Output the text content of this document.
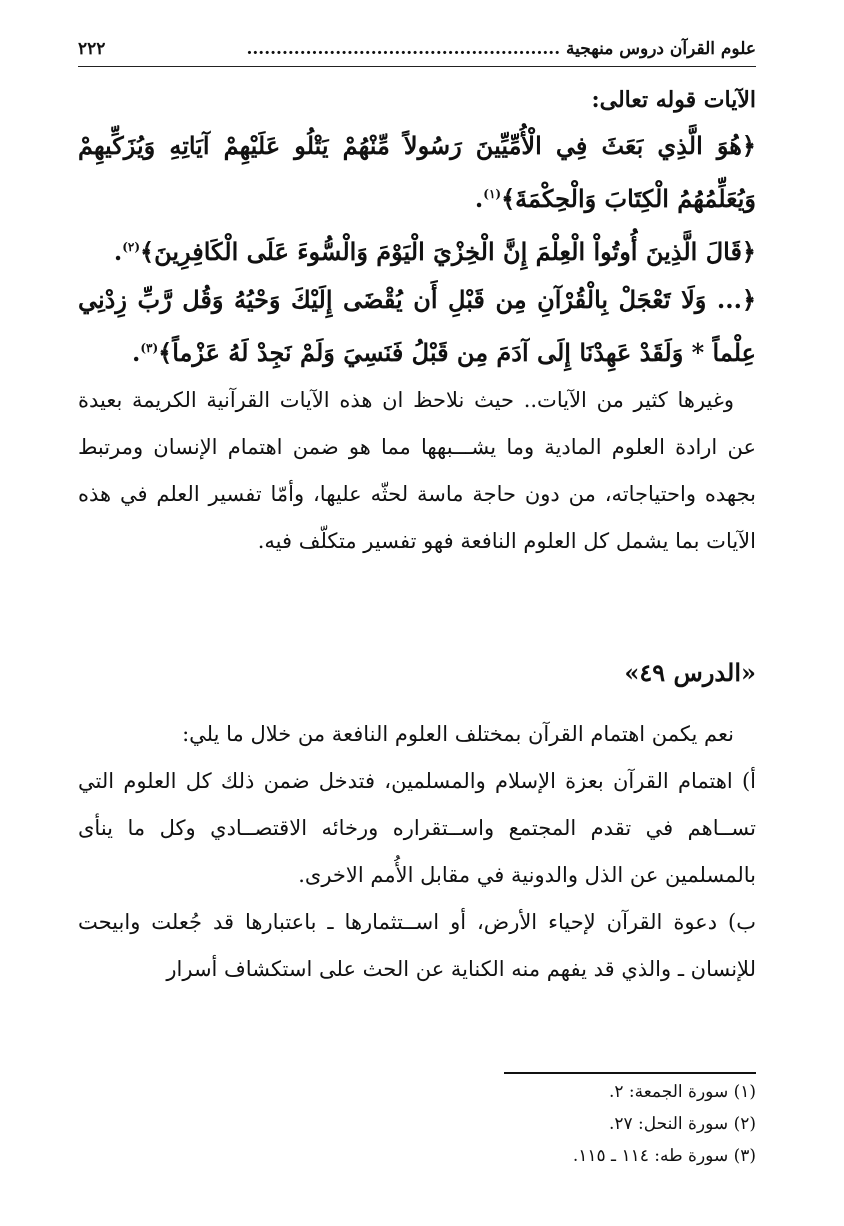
علوم القرآن دروس منهجية .....................................................
٢٢٢

الآيات قوله تعالى:

﴿هُوَ الَّذِي بَعَثَ فِي الْأُمِّيِّينَ رَسُولاً مِّنْهُمْ يَتْلُو عَلَيْهِمْ آيَاتِهِ وَيُزَكِّيهِمْ وَيُعَلِّمُهُمُ الْكِتَابَ وَالْحِكْمَةَ﴾$^{(١)}$.

﴿قَالَ الَّذِينَ أُوتُواْ الْعِلْمَ إِنَّ الْخِزْيَ الْيَوْمَ وَالْسُّوءَ عَلَى الْكَافِرِينَ﴾$^{(٢)}$.

﴿... وَلَا تَعْجَلْ بِالْقُرْآنِ مِن قَبْلِ أَن يُقْضَى إِلَيْكَ وَحْيُهُ وَقُل رَّبِّ زِدْنِي عِلْماً * وَلَقَدْ عَهِدْنَا إِلَى آدَمَ مِن قَبْلُ فَنَسِيَ وَلَمْ نَجِدْ لَهُ عَزْماً﴾$^{(٣)}$.

وغيرها كثير من الآيات.. حيث نلاحظ ان هذه الآيات القرآنية الكريمة بعيدة عن ارادة العلوم المادية وما يشـــبهها مما هو ضمن اهتمام الإنسان ومرتبط بجهده واحتياجاته، من دون حاجة ماسة لحثّه عليها، وأمّا تفسير العلم في هذه الآيات بما يشمل كل العلوم النافعة فهو تفسير متكلّف فيه.

«الدرس ٤٩»

نعم يكمن اهتمام القرآن بمختلف العلوم النافعة من خلال ما يلي:

أ) اهتمام القرآن بعزة الإسلام والمسلمين، فتدخل ضمن ذلك كل العلوم التي تســاهم في تقدم المجتمع واســتقراره ورخائه الاقتصــادي وكل ما ينأى بالمسلمين عن الذل والدونية في مقابل الأُمم الاخرى.

ب) دعوة القرآن لإحياء الأرض، أو اســتثمارها ـ باعتبارها قد جُعلت وابيحت للإنسان ـ والذي قد يفهم منه الكناية عن الحث على استكشاف أسرار

(١) سورة الجمعة: ٢.

(٢) سورة النحل: ٢٧.

(٣) سورة طه: ١١٤ ـ ١١٥.
